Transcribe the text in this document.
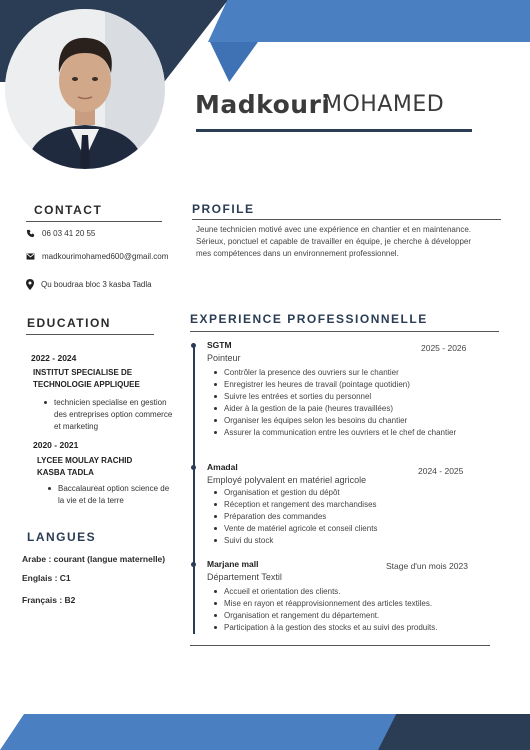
Madkouri
MOHAMED
CONTACT
06 03 41 20 55
madkourimohamed600@gmail.com
Qu boudraa bloc 3 kasba Tadla
PROFILE
Jeune technicien motivé avec une expérience en chantier et en maintenance. Sérieux, ponctuel et capable de travailler en équipe, je cherche à développer mes compétences dans un environnement professionnel.
EDUCATION
2022 - 2024
INSTITUT SPECIALISE DE TECHNOLOGIE APPLIQUEE
technicien specialise en gestion des entreprises option commerce et marketing
2020 - 2021
LYCEE MOULAY RACHID KASBA TADLA
Baccalaureat option science de la vie et de la terre
LANGUES
Arabe : courant (langue maternelle)
Englais : C1
Français : B2
EXPERIENCE PROFESSIONNELLE
SGTM
Pointeur
2025 - 2026
Contrôler la presence des ouvriers sur le chantier
Enregistrer les heures de travail (pointage quotidien)
Suivre les entrées et sorties du personnel
Aider à la gestion de la paie (heures travaillées)
Organiser les équipes selon les besoins du chantier
Assurer la communication entre les ouvriers et le chef de chantier
Amadal
Employé polyvalent en matériel agricole
2024 - 2025
Organisation et gestion du dépôt
Réception et rangement des marchandises
Préparation des commandes
Vente de matériel agricole et conseil clients
Suivi du stock
Marjane mall
Département Textil
Stage d'un mois 2023
Accueil et orientation des clients.
Mise en rayon et réapprovisionnement des articles textiles.
Organisation et rangement du département.
Participation à la gestion des stocks et au suivi des produits.
